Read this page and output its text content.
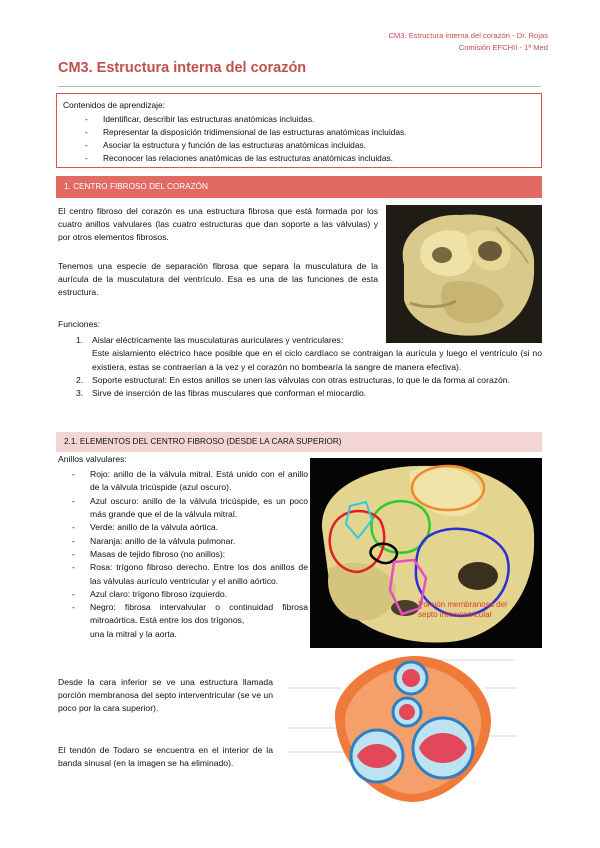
CM3. Estructura interna del corazón - Dr. Rojas
Comisión EFCHII - 1º Med
CM3. Estructura interna del corazón
Contenidos de aprendizaje:
- Identificar, describir las estructuras anatómicas incluidas.
- Representar la disposición tridimensional de las estructuras anatómicas incluidas.
- Asociar la estructura y función de las estructuras anatómicas incluidas.
- Reconocer las relaciones anatómicas de las estructuras anatómicas incluidas.
1. CENTRO FIBROSO DEL CORAZÓN
El centro fibroso del corazón es una estructura fibrosa que está formada por los cuatro anillos valvulares (las cuatro estructuras que dan soporte a las válvulas) y por otros elementos fibrosos.
Tenemos una especie de separación fibrosa que separa la musculatura de la aurícula de la musculatura del ventrículo. Esa es una de las funciones de esta estructura.
Funciones:
1. Aislar eléctricamente las musculaturas auriculares y ventriculares:
Este aislamiento eléctrico hace posible que en el ciclo cardíaco se contraigan la aurícula y luego el ventrículo (si no existiera, estas se contraerían a la vez y el corazón no bombearía la sangre de manera efectiva).
2. Soporte estructural: En estos anillos se unen las válvulas con otras estructuras, lo que le da forma al corazón.
3. Sirve de inserción de las fibras musculares que conforman el miocardio.
2.1. ELEMENTOS DEL CENTRO FIBROSO (DESDE LA CARA SUPERIOR)
Anillos valvulares:
- Rojo: anillo de la válvula mitral. Está unido con el anillo de la válvula tricúspide (azul oscuro).
- Azul oscuro: anillo de la válvula tricúspide, es un poco más grande que el de la válvula mitral.
- Verde: anillo de la válvula aórtica.
- Naranja: anillo de la válvula pulmonar.
- Masas de tejido fibroso (no anillos):
- Rosa: trígono fibroso derecho. Entre los dos anillos de las válvulas aurículo ventricular y el anillo aórtico.
- Azul claro: trígono fibroso izquierdo.
- Negro: fibrosa intervalvular o continuidad fibrosa mitroaórtica. Está entre los dos trígonos,
una la mitral y la aorta.
Porción membranosa del
septo interventricular
Desde la cara inferior se ve una estructura llamada porción membranosa del septo interventricular (se ve un poco por la cara superior).
El tendón de Todaro se encuentra en el interior de la banda sinusal (en la imagen se ha eliminado).
